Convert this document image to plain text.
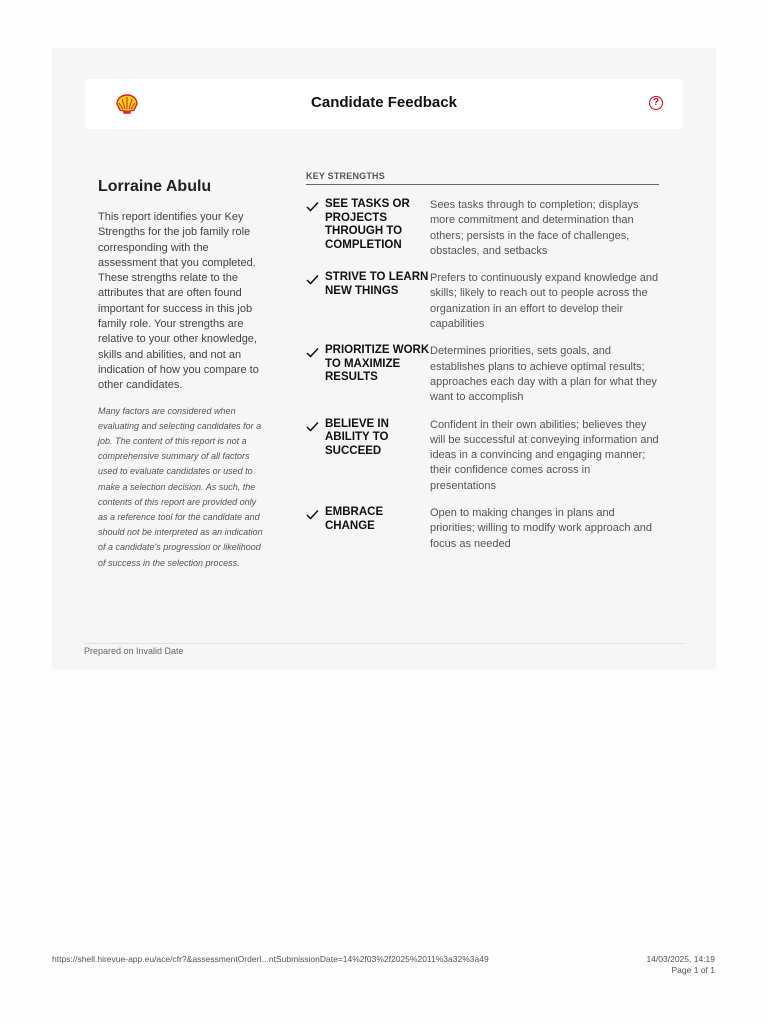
Candidate Feedback	?
Lorraine Abulu

This report identifies your Key Strengths for the job family role corresponding with the assessment that you completed. These strengths relate to the attributes that are often found important for success in this job family role. Your strengths are relative to your other knowledge, skills and abilities, and not an indication of how you compare to other candidates.

Many factors are considered when evaluating and selecting candidates for a job. The content of this report is not a comprehensive summary of all factors used to evaluate candidates or used to make a selection decision. As such, the contents of this report are provided only as a reference tool for the candidate and should not be interpreted as an indication of a candidate's progression or likelihood of success in the selection process.

KEY STRENGTHS
SEE TASKS OR PROJECTS THROUGH TO COMPLETION
Sees tasks through to completion; displays more commitment and determination than others; persists in the face of challenges, obstacles, and setbacks
STRIVE TO LEARN NEW THINGS
Prefers to continuously expand knowledge and skills; likely to reach out to people across the organization in an effort to develop their capabilities
PRIORITIZE WORK TO MAXIMIZE RESULTS
Determines priorities, sets goals, and establishes plans to achieve optimal results; approaches each day with a plan for what they want to accomplish
BELIEVE IN ABILITY TO SUCCEED
Confident in their own abilities; believes they will be successful at conveying information and ideas in a convincing and engaging manner; their confidence comes across in presentations
EMBRACE CHANGE
Open to making changes in plans and priorities; willing to modify work approach and focus as needed
Prepared on Invalid Date
https://shell.hirevue-app.eu/ace/cfr?&assessmentOrderI...ntSubmissionDate=14%2f03%2f2025%2011%3a32%3a49	14/03/2025, 14:19
Page 1 of 1
